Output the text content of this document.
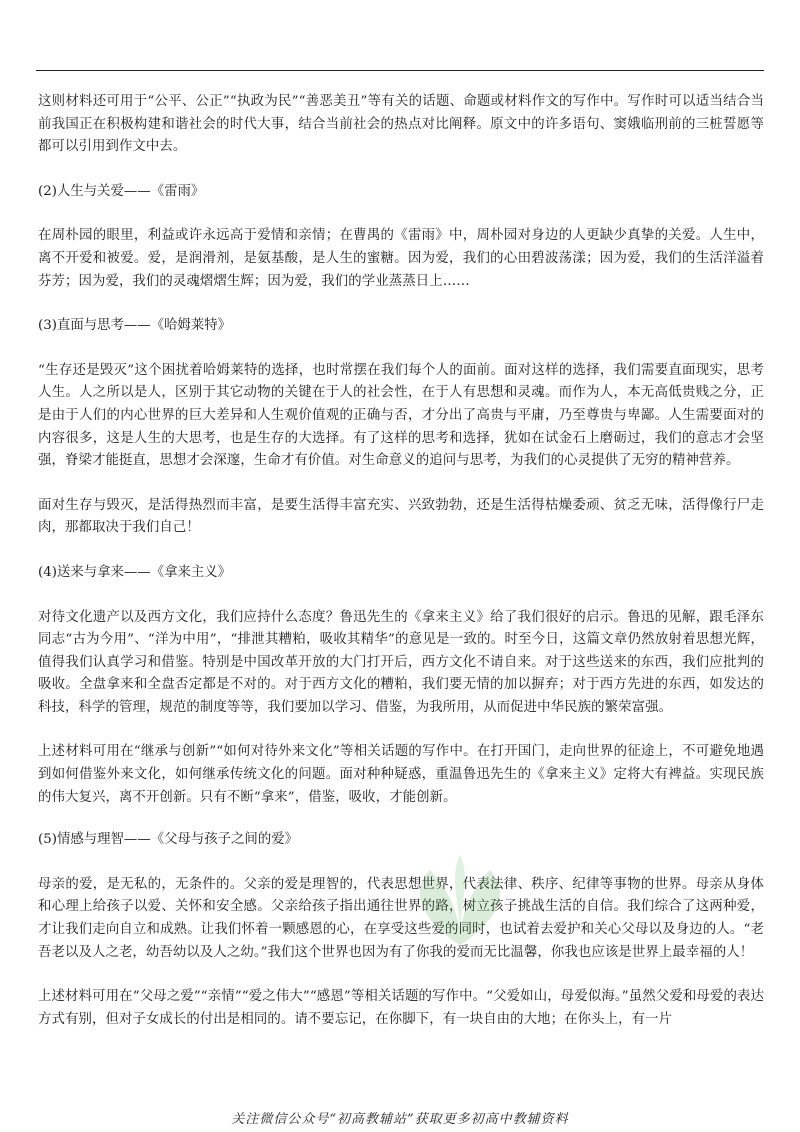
这则材料还可用于“公平、公正”“执政为民”“善恶美丑”等有关的话题、命题或材料作文的写作中。写作时可以适当结合当前我国正在积极构建和谐社会的时代大事，结合当前社会的热点对比阐释。原文中的许多语句、窦娥临刑前的三桩誓愿等都可以引用到作文中去。

(2)人生与关爱——《雷雨》

在周朴园的眼里，利益或许永远高于爱情和亲情；在曹禺的《雷雨》中，周朴园对身边的人更缺少真挚的关爱。人生中，离不开爱和被爱。爱，是润滑剂，是氨基酸，是人生的蜜糖。因为爱，我们的心田碧波荡漾；因为爱，我们的生活洋溢着芬芳；因为爱，我们的灵魂熠熠生辉；因为爱，我们的学业蒸蒸日上……

(3)直面与思考——《哈姆莱特》

“生存还是毁灭”这个困扰着哈姆莱特的选择，也时常摆在我们每个人的面前。面对这样的选择，我们需要直面现实，思考人生。人之所以是人，区别于其它动物的关键在于人的社会性，在于人有思想和灵魂。而作为人，本无高低贵贱之分，正是由于人们的内心世界的巨大差异和人生观价值观的正确与否，才分出了高贵与平庸，乃至尊贵与卑鄙。人生需要面对的内容很多，这是人生的大思考，也是生存的大选择。有了这样的思考和选择，犹如在试金石上磨砺过，我们的意志才会坚强，脊梁才能挺直，思想才会深邃，生命才有价值。对生命意义的追问与思考，为我们的心灵提供了无穷的精神营养。

面对生存与毁灭，是活得热烈而丰富，是要生活得丰富充实、兴致勃勃，还是生活得枯燥委顽、贫乏无味，活得像行尸走肉，那都取决于我们自己！

(4)送来与拿来——《拿来主义》

对待文化遗产以及西方文化，我们应持什么态度？鲁迅先生的《拿来主义》给了我们很好的启示。鲁迅的见解，跟毛泽东同志“古为今用”、“洋为中用”，“排泄其糟粕，吸收其精华”的意见是一致的。时至今日，这篇文章仍然放射着思想光辉，值得我们认真学习和借鉴。特别是中国改革开放的大门打开后，西方文化不请自来。对于这些送来的东西，我们应批判的吸收。全盘拿来和全盘否定都是不对的。对于西方文化的糟粕，我们要无情的加以摒弃；对于西方先进的东西，如发达的科技，科学的管理，规范的制度等等，我们要加以学习、借鉴，为我所用，从而促进中华民族的繁荣富强。

上述材料可用在“继承与创新”“如何对待外来文化”等相关话题的写作中。在打开国门，走向世界的征途上，不可避免地遇到如何借鉴外来文化，如何继承传统文化的问题。面对种种疑惑，重温鲁迅先生的《拿来主义》定将大有裨益。实现民族的伟大复兴，离不开创新。只有不断“拿来”，借鉴，吸收，才能创新。

(5)情感与理智——《父母与孩子之间的爱》

母亲的爱，是无私的，无条件的。父亲的爱是理智的，代表思想世界，代表法律、秩序、纪律等事物的世界。母亲从身体和心理上给孩子以爱、关怀和安全感。父亲给孩子指出通往世界的路，树立孩子挑战生活的自信。我们综合了这两种爱，才让我们走向自立和成熟。让我们怀着一颗感恩的心，在享受这些爱的同时，也试着去爱护和关心父母以及身边的人。“老吾老以及人之老，幼吾幼以及人之幼。”我们这个世界也因为有了你我的爱而无比温馨，你我也应该是世界上最幸福的人！

上述材料可用在“父母之爱”“亲情”“爱之伟大”“感恩”等相关话题的写作中。“父爱如山，母爱似海。”虽然父爱和母爱的表达方式有别，但对子女成长的付出是相同的。请不要忘记，在你脚下，有一块自由的大地；在你头上，有一片

关注微信公众号“初高教辅站”获取更多初高中教辅资料
